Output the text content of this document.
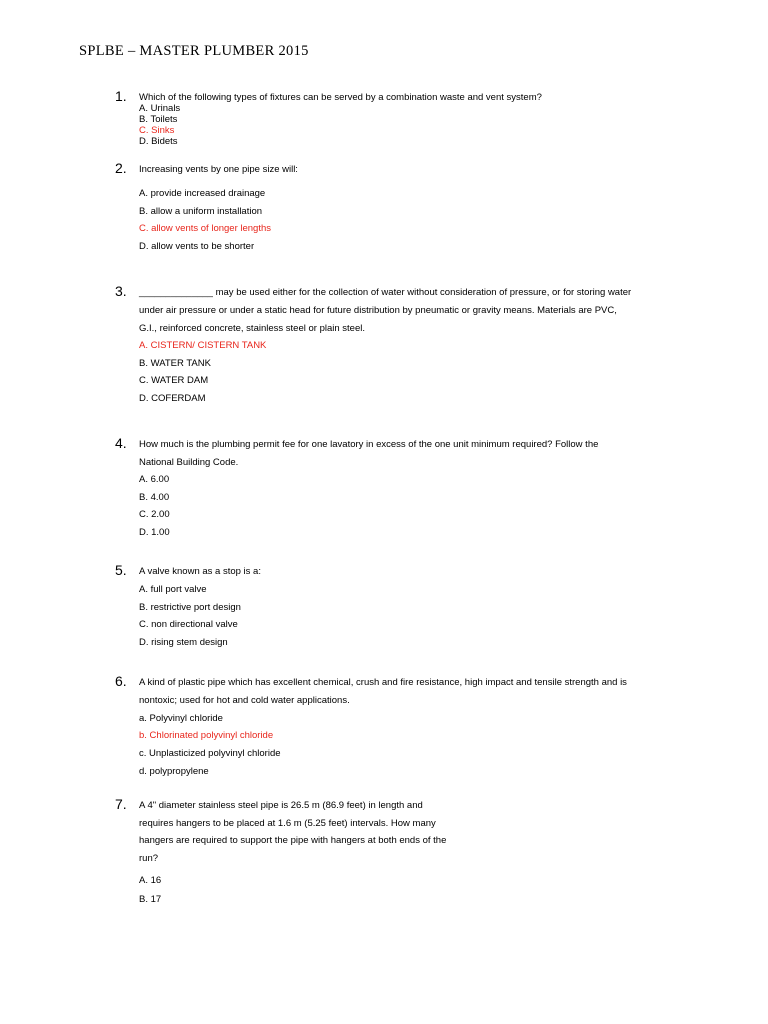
SPLBE – MASTER PLUMBER 2015
1. Which of the following types of fixtures can be served by a combination waste and vent system?
A. Urinals
B. Toilets
C. Sinks
D. Bidets
2. Increasing vents by one pipe size will:
A. provide increased drainage
B. allow a uniform installation
C. allow vents of longer lengths
D. allow vents to be shorter
3. ______________ may be used either for the collection of water without consideration of pressure, or for storing water
under air pressure or under a static head for future distribution by pneumatic or gravity means. Materials are PVC,
G.I., reinforced concrete, stainless steel or plain steel.
A. CISTERN/ CISTERN TANK
B. WATER TANK
C. WATER DAM
D. COFERDAM
4. How much is the plumbing permit fee for one lavatory in excess of the one unit minimum required? Follow the
National Building Code.
A. 6.00
B. 4.00
C. 2.00
D. 1.00
5. A valve known as a stop is a:
A. full port valve
B. restrictive port design
C. non directional valve
D. rising stem design
6. A kind of plastic pipe which has excellent chemical, crush and fire resistance, high impact and tensile strength and is
nontoxic; used for hot and cold water applications.
a. Polyvinyl chloride
b. Chlorinated polyvinyl chloride
c. Unplasticized polyvinyl chloride
d. polypropylene
7. A 4" diameter stainless steel pipe is 26.5 m (86.9 feet) in length and
requires hangers to be placed at 1.6 m (5.25 feet) intervals. How many
hangers are required to support the pipe with hangers at both ends of the
run?
A. 16
B. 17
